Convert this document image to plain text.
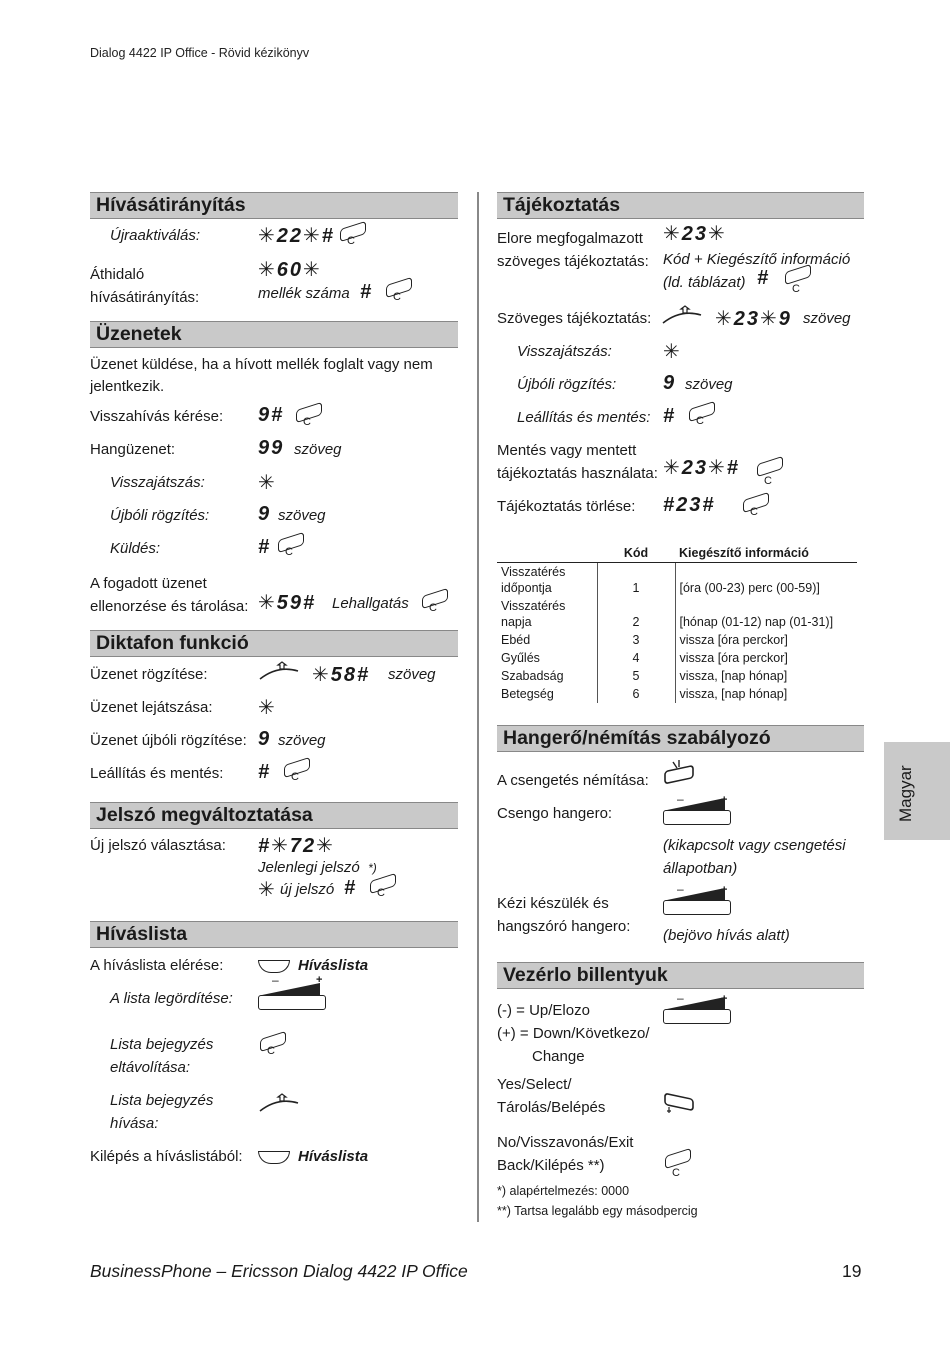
Dialog 4422 IP Office - Rövid kézikönyv
Hívásátirányítás
Újraaktiválás:	✳22✳# C
Áthidaló
hívásátirányítás:
✳60✳
mellék száma # C
Üzenetek
Üzenet küldése, ha a hívott mellék foglalt vagy nem jelentkezik.
Visszahívás kérése: 9# C
Hangüzenet:	99 szöveg
Visszajátszás:	✳
Újbóli rögzítés: 9 szöveg
Küldés:	# C
A fogadott üzenet
ellenorzése és tárolása: ✳59# Lehallgatás C
Diktafon funkció
Üzenet rögzítése:	✳58# szöveg
Üzenet lejátszása: ✳
Üzenet újbóli rögzítése: 9 szöveg
Leállítás és mentés: # C
Jelszó megváltoztatása
Új jelszó választása: #✳72✳
Jelenlegi jelszó *)
✳ új jelszó # C
Híváslista
A híváslista elérése:	Híváslista
A lista legördítése:
–	+
Lista bejegyzés
eltávolítása:
C
Lista bejegyzés
hívása:
Kilépés a híváslistából:	Híváslista
Tájékoztatás
Elore megfogalmazott
szöveges tájékoztatás:
✳23✳
Kód + Kiegészítő információ
(ld. táblázat) #
C
Szöveges tájékoztatás:	✳23✳9 szöveg
Visszajátszás:	✳
Újbóli rögzítés: 9 szöveg
Leállítás és mentés: # C
Mentés vagy mentett
tájékoztatás használata: ✳23✳#
C
Tájékoztatás törlése: #23#	C
	Kód	Kiegészítő információ
Visszatérés
időpontja	1	[óra (00-23) perc (00-59)]
Visszatérés
napja	2	[hónap (01-12) nap (01-31)]
Ebéd	3	vissza [óra perckor]
Gyűlés	4	vissza [óra perckor]
Szabadság	5	vissza, [nap hónap]
Betegség	6	vissza, [nap hónap]
Hangerő/némítás szabályozó
A csengetés némítása:
Csengo hangero:
–	+
(kikapcsolt vagy csengetési
állapotban)
Kézi készülék és
hangszóró hangero:
–	+
(bejövo hívás alatt)
Vezérlo billentyuk
(-) = Up/Elozo
(+) = Down/Következo/
Change
–	+
Yes/Select/
Tárolás/Belépés
No/Visszavonás/Exit
Back/Kilépés **)	C
*) alapértelmezés: 0000
**) Tartsa legalább egy másodpercig
Magyar
BusinessPhone – Ericsson Dialog 4422 IP Office	19
